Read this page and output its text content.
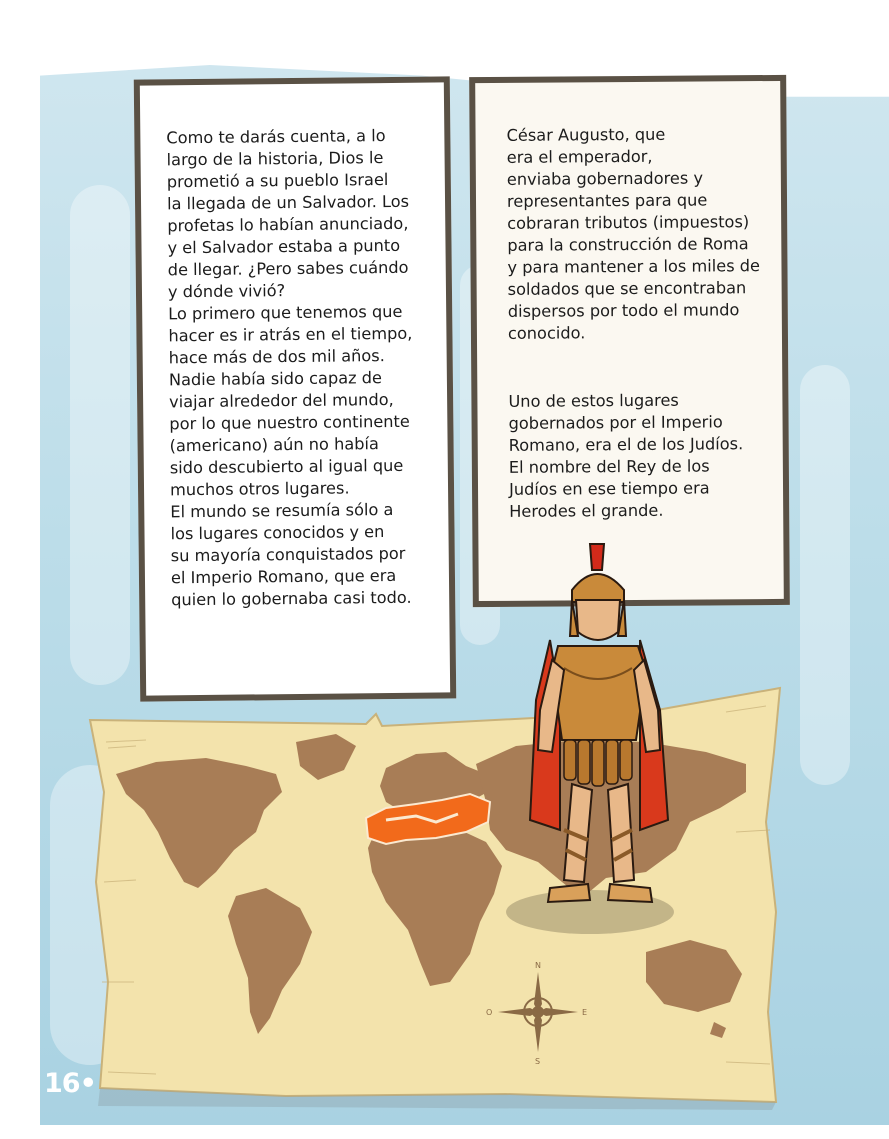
Como te darás cuenta, a lo
largo de la historia, Dios le
prometió a su pueblo Israel
la llegada de un Salvador. Los
profetas lo habían anunciado,
y el Salvador estaba a punto
de llegar. ¿Pero sabes cuándo
y dónde vivió?
Lo primero que tenemos que
hacer es ir atrás en el tiempo,
hace más de dos mil años.
Nadie había sido capaz de
viajar alrededor del mundo,
por lo que nuestro continente
(americano) aún no había
sido descubierto al igual que
muchos otros lugares.
El mundo se resumía sólo a
los lugares conocidos y en
su mayoría conquistados por
el Imperio Romano, que era
quien lo gobernaba casi todo.
César Augusto, que
era el emperador,
enviaba gobernadores y
representantes para que
cobraran tributos (impuestos)
para la construcción de Roma
y para mantener a los miles de
soldados que se encontraban
dispersos por todo el mundo
conocido.
Uno de estos lugares
gobernados por el Imperio
Romano, era el de los Judíos.
El nombre del Rey de los
Judíos en ese tiempo era
Herodes el grande.
N
E
S
O
16•
